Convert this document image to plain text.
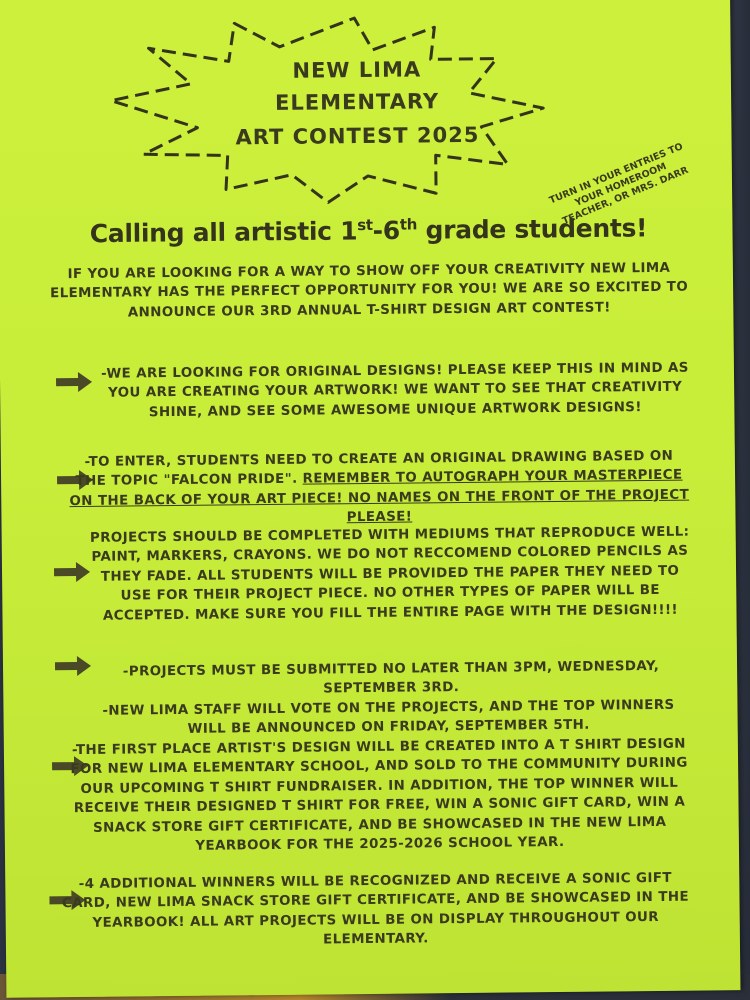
NEW LIMA
ELEMENTARY
ART CONTEST 2025
TURN IN YOUR ENTRIES TO YOUR HOMEROOM TEACHER, OR MRS. DARR
Calling all artistic 1st-6th grade students!
IF YOU ARE LOOKING FOR A WAY TO SHOW OFF YOUR CREATIVITY NEW LIMA ELEMENTARY HAS THE PERFECT OPPORTUNITY FOR YOU! WE ARE SO EXCITED TO ANNOUNCE OUR 3RD ANNUAL T-SHIRT DESIGN ART CONTEST!
-WE ARE LOOKING FOR ORIGINAL DESIGNS! PLEASE KEEP THIS IN MIND AS YOU ARE CREATING YOUR ARTWORK! WE WANT TO SEE THAT CREATIVITY SHINE, AND SEE SOME AWESOME UNIQUE ARTWORK DESIGNS!
-TO ENTER, STUDENTS NEED TO CREATE AN ORIGINAL DRAWING BASED ON THE TOPIC "FALCON PRIDE". REMEMBER TO AUTOGRAPH YOUR MASTERPIECE ON THE BACK OF YOUR ART PIECE! NO NAMES ON THE FRONT OF THE PROJECT PLEASE!
PROJECTS SHOULD BE COMPLETED WITH MEDIUMS THAT REPRODUCE WELL: PAINT, MARKERS, CRAYONS. WE DO NOT RECCOMEND COLORED PENCILS AS THEY FADE. ALL STUDENTS WILL BE PROVIDED THE PAPER THEY NEED TO USE FOR THEIR PROJECT PIECE. NO OTHER TYPES OF PAPER WILL BE ACCEPTED. MAKE SURE YOU FILL THE ENTIRE PAGE WITH THE DESIGN!!!!
-PROJECTS MUST BE SUBMITTED NO LATER THAN 3PM, WEDNESDAY, SEPTEMBER 3RD.
-NEW LIMA STAFF WILL VOTE ON THE PROJECTS, AND THE TOP WINNERS WILL BE ANNOUNCED ON FRIDAY, SEPTEMBER 5TH.
-THE FIRST PLACE ARTIST'S DESIGN WILL BE CREATED INTO A T SHIRT DESIGN FOR NEW LIMA ELEMENTARY SCHOOL, AND SOLD TO THE COMMUNITY DURING OUR UPCOMING T SHIRT FUNDRAISER. IN ADDITION, THE TOP WINNER WILL RECEIVE THEIR DESIGNED T SHIRT FOR FREE, WIN A SONIC GIFT CARD, WIN A SNACK STORE GIFT CERTIFICATE, AND BE SHOWCASED IN THE NEW LIMA YEARBOOK FOR THE 2025-2026 SCHOOL YEAR.
-4 ADDITIONAL WINNERS WILL BE RECOGNIZED AND RECEIVE A SONIC GIFT CARD, NEW LIMA SNACK STORE GIFT CERTIFICATE, AND BE SHOWCASED IN THE YEARBOOK! ALL ART PROJECTS WILL BE ON DISPLAY THROUGHOUT OUR ELEMENTARY.
